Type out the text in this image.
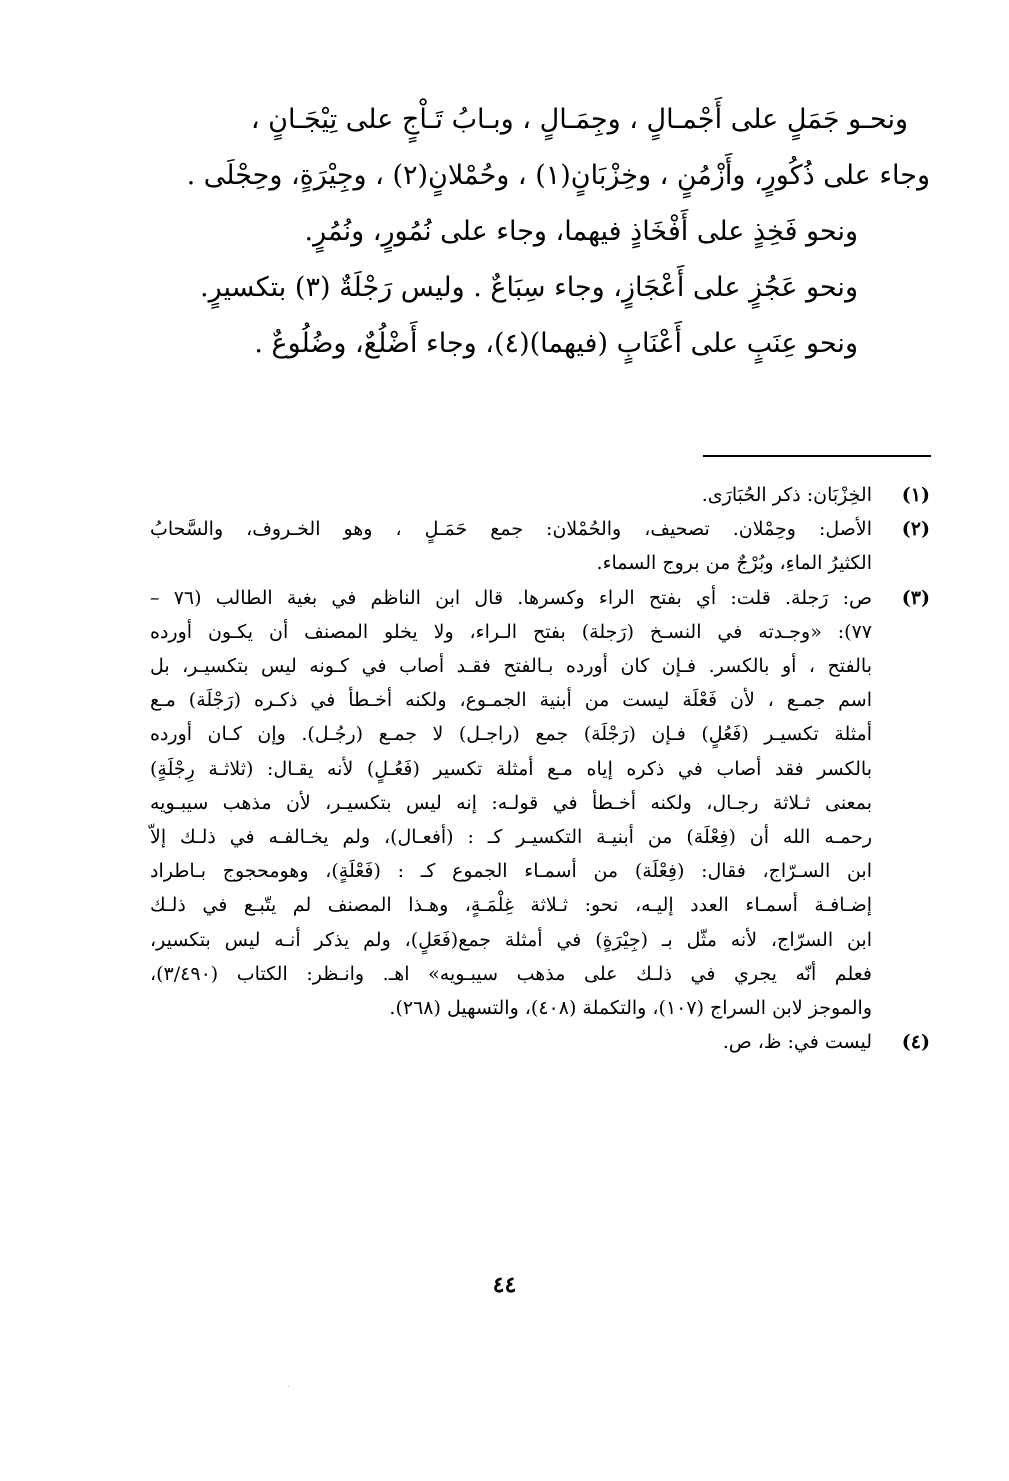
ونحـو جَمَلٍ على أَجْمـالٍ ، وجِمَـالٍ ، وبـابُ تَـاْجٍ على تِيْجَـانٍ ،
وجاء على ذُكُورٍ، وأَزْمُنٍ ، وخِزْبَانٍ(١) ، وحُمْلانٍ(٢) ، وجِيْرَةٍ، وحِجْلَى .
ونحو فَخِذٍ على أَفْخَاذٍ فيهما، وجاء على نُمُورٍ، ونُمُرٍ.
ونحو عَجُزٍ على أَعْجَازٍ، وجاء سِبَاعٌ . وليس رَجْلَةٌ (٣) بتكسيرٍ.
ونحو عِنَبٍ على أَعْنَابٍ (فيهما)(٤)، وجاء أَضْلُعٌ، وضُلُوعٌ .
(١)
الخِزْبَان: ذكر الحُبَارَى.
(٢)
الأصل: وحِمْلان. تصحيف، والحُمْلان: جمع حَمَـلٍ ، وهو الخـروف، والسَّحابُ
الكثيرُ الماءِ، وبُرْجٌ من بروج السماء.
(٣)
ص: رَجلة. قلت: أي بفتح الراء وكسرها. قال ابن الناظم في بغية الطالب (٧٦ –
٧٧): «وجـدته في النسـخ (رَجلة) بفتح الـراء، ولا يخلو المصنف أن يكـون أورده
بالفتح ، أو بالكسر. فـإن كان أورده بـالفتح فقـد أصاب في كـونه ليس بتكسيـر، بل
اسم جمـع ، لأن فَعْلَة ليست من أبنية الجمـوع، ولكنه أخـطأ في ذكـره (رَجْلَة) مـع
أمثلة تكسيـر (فَعُلٍ) فـإن (رَجْلَة) جمع (راجـل) لا جمـع (رجُـل). وإن كـان أورده
بالكسر فقد أصاب في ذكره إياه مـع أمثلة تكسير (فَعُـلٍ) لأنه يقـال: (ثلاثـة رِجْلَةٍ)
بمعنى ثـلاثة رجـال، ولكنه أخـطأ في قولـه: إنه ليس بتكسيـر، لأن مذهب سيبـويه
رحمـه الله أن (فِعْلَة) من أبنيـة التكسيـر كـ : (أفعـال)، ولم يخـالفـه في ذلـك إلاّ
ابن السـرّاج، فقال: (فِعْلَة) من أسمـاء الجموع كـ : (فَعْلَةٍ)، وهومحجوج بـاطراد
إضـافـة أسمـاء العدد إليـه، نحو: ثـلاثة غِلْمَـةٍ، وهـذا المصنف لم يتّبـع في ذلـك
ابن السرّاج، لأنه مثّل بـ (جِيْرَةٍ) في أمثلة جمع(فَعَلٍ)، ولم يذكر أنـه ليس بتكسير،
فعلم أنّه يجري في ذلـك على مذهب سيبـويه» اهـ. وانـظر: الكتاب (٣/٤٩٠)،
والموجز لابن السراج (١٠٧)، والتكملة (٤٠٨)، والتسهيل (٢٦٨).
(٤)
ليست في: ظ، ص.
٤٤
